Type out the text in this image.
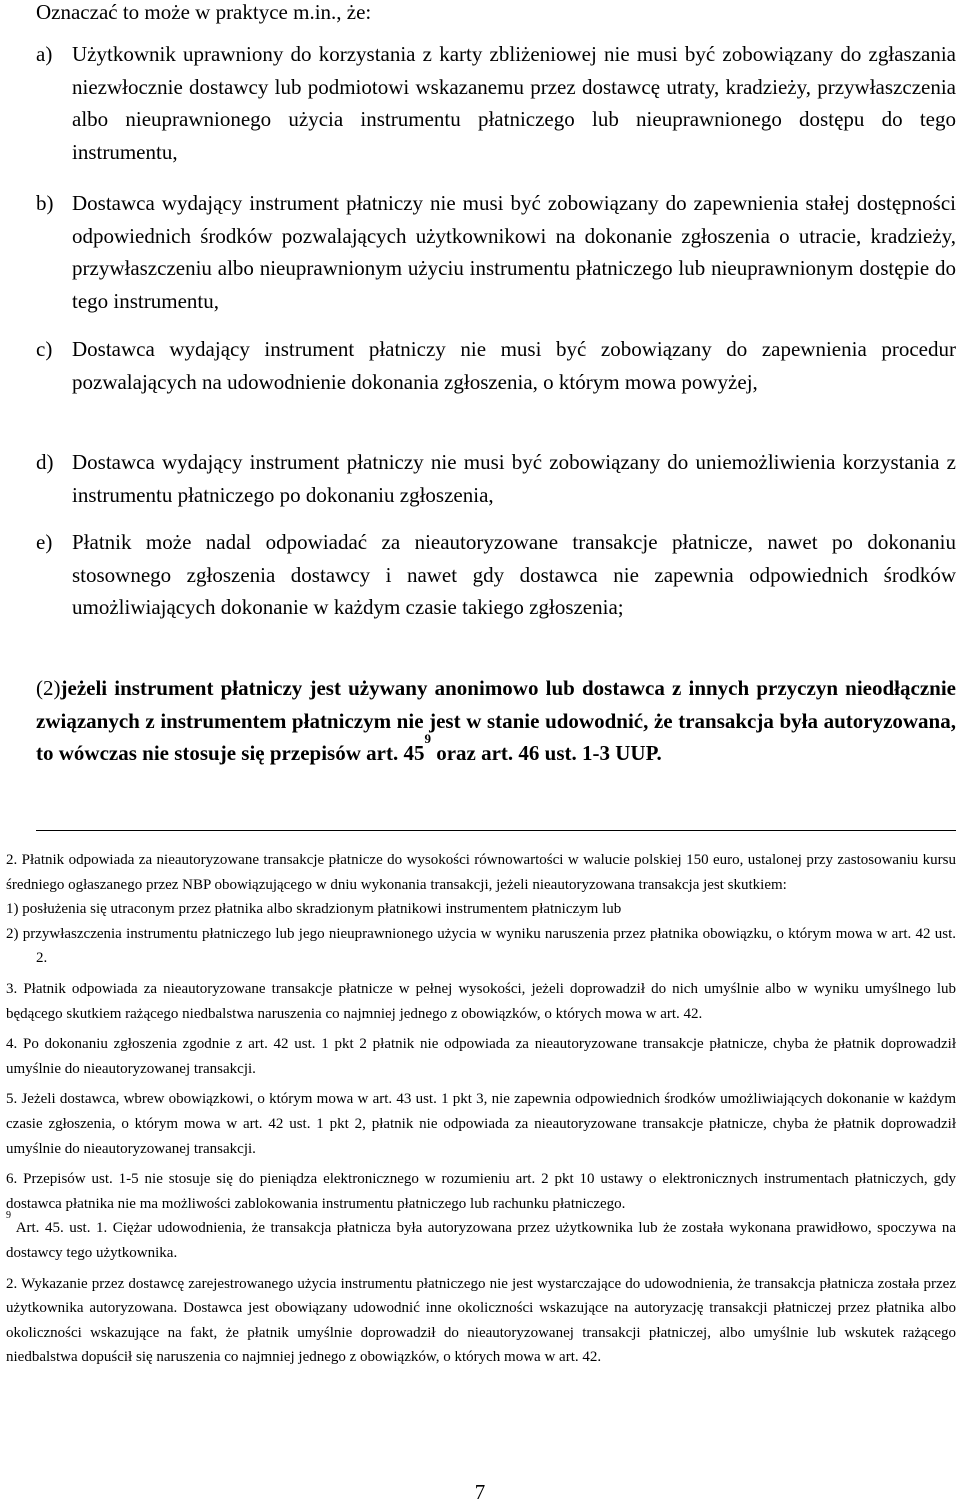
Oznaczać to może w praktyce m.in., że:
a) Użytkownik uprawniony do korzystania z karty zbliżeniowej nie musi być zobowiązany do zgłaszania niezwłocznie dostawcy lub podmiotowi wskazanemu przez dostawcę utraty, kradzieży, przywłaszczenia albo nieuprawnionego użycia instrumentu płatniczego lub nieuprawnionego dostępu do tego instrumentu,
b) Dostawca wydający instrument płatniczy nie musi być zobowiązany do zapewnienia stałej dostępności odpowiednich środków pozwalających użytkownikowi na dokonanie zgłoszenia o utracie, kradzieży, przywłaszczeniu albo nieuprawnionym użyciu instrumentu płatniczego lub nieuprawnionym dostępie do tego instrumentu,
c) Dostawca wydający instrument płatniczy nie musi być zobowiązany do zapewnienia procedur pozwalających na udowodnienie dokonania zgłoszenia, o którym mowa powyżej,
d) Dostawca wydający instrument płatniczy nie musi być zobowiązany do uniemożliwienia korzystania z instrumentu płatniczego po dokonaniu zgłoszenia,
e) Płatnik może nadal odpowiadać za nieautoryzowane transakcje płatnicze, nawet po dokonaniu stosownego zgłoszenia dostawcy i nawet gdy dostawca nie zapewnia odpowiednich środków umożliwiających dokonanie w każdym czasie takiego zgłoszenia;
(2)jeżeli instrument płatniczy jest używany anonimowo lub dostawca z innych przyczyn nieodłącznie związanych z instrumentem płatniczym nie jest w stanie udowodnić, że transakcja była autoryzowana, to wówczas nie stosuje się przepisów art. $45^9$ oraz art. 46 ust. 1-3 UUP.
2. Płatnik odpowiada za nieautoryzowane transakcje płatnicze do wysokości równowartości w walucie polskiej 150 euro, ustalonej przy zastosowaniu kursu średniego ogłaszanego przez NBP obowiązującego w dniu wykonania transakcji, jeżeli nieautoryzowana transakcja jest skutkiem:
1) posłużenia się utraconym przez płatnika albo skradzionym płatnikowi instrumentem płatniczym lub
2) przywłaszczenia instrumentu płatniczego lub jego nieuprawnionego użycia w wyniku naruszenia przez płatnika obowiązku, o którym mowa w art. 42 ust. 2.
3. Płatnik odpowiada za nieautoryzowane transakcje płatnicze w pełnej wysokości, jeżeli doprowadził do nich umyślnie albo w wyniku umyślnego lub będącego skutkiem rażącego niedbalstwa naruszenia co najmniej jednego z obowiązków, o których mowa w art. 42.
4. Po dokonaniu zgłoszenia zgodnie z art. 42 ust. 1 pkt 2 płatnik nie odpowiada za nieautoryzowane transakcje płatnicze, chyba że płatnik doprowadził umyślnie do nieautoryzowanej transakcji.
5. Jeżeli dostawca, wbrew obowiązkowi, o którym mowa w art. 43 ust. 1 pkt 3, nie zapewnia odpowiednich środków umożliwiających dokonanie w każdym czasie zgłoszenia, o którym mowa w art. 42 ust. 1 pkt 2, płatnik nie odpowiada za nieautoryzowane transakcje płatnicze, chyba że płatnik doprowadził umyślnie do nieautoryzowanej transakcji.
6. Przepisów ust. 1-5 nie stosuje się do pieniądza elektronicznego w rozumieniu art. 2 pkt 10 ustawy o elektronicznych instrumentach płatniczych, gdy dostawca płatnika nie ma możliwości zablokowania instrumentu płatniczego lub rachunku płatniczego.
$^9$ Art. 45. ust. 1. Ciężar udowodnienia, że transakcja płatnicza była autoryzowana przez użytkownika lub że została wykonana prawidłowo, spoczywa na dostawcy tego użytkownika.
2. Wykazanie przez dostawcę zarejestrowanego użycia instrumentu płatniczego nie jest wystarczające do udowodnienia, że transakcja płatnicza została przez użytkownika autoryzowana. Dostawca jest obowiązany udowodnić inne okoliczności wskazujące na autoryzację transakcji płatniczej przez płatnika albo okoliczności wskazujące na fakt, że płatnik umyślnie doprowadził do nieautoryzowanej transakcji płatniczej, albo umyślnie lub wskutek rażącego niedbalstwa dopuścił się naruszenia co najmniej jednego z obowiązków, o których mowa w art. 42.
7
